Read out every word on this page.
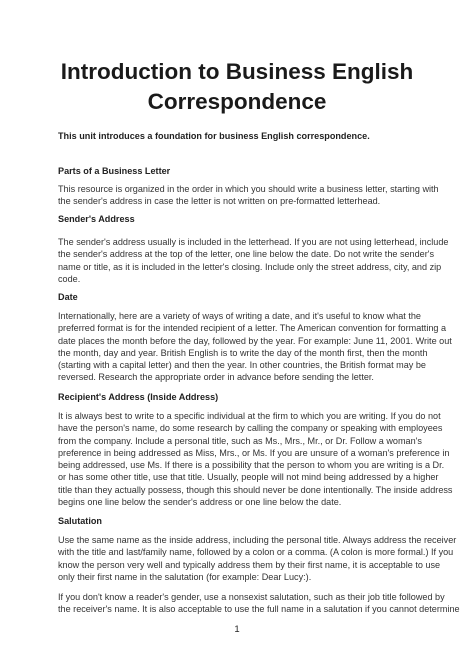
Introduction to Business English
Correspondence
This unit introduces a foundation for business English correspondence.
Parts of a Business Letter
This resource is organized in the order in which you should write a business letter, starting with
the sender's address in case the letter is not written on pre-formatted letterhead.
Sender's Address
The sender's address usually is included in the letterhead. If you are not using letterhead, include
the sender's address at the top of the letter, one line below the date. Do not write the sender's
name or title, as it is included in the letter's closing. Include only the street address, city, and zip
code.
Date
Internationally, here are a variety of ways of writing a date, and it's useful to know what the
preferred format is for the intended recipient of a letter. The American convention for formatting a
date places the month before the day, followed by the year. For example: June 11, 2001. Write out
the month, day and year. British English is to write the day of the month first, then the month
(starting with a capital letter) and then the year. In other countries, the British format may be
reversed. Research the appropriate order in advance before sending the letter.
Recipient's Address (Inside Address)
It is always best to write to a specific individual at the firm to which you are writing. If you do not
have the person's name, do some research by calling the company or speaking with employees
from the company. Include a personal title, such as Ms., Mrs., Mr., or Dr. Follow a woman's
preference in being addressed as Miss, Mrs., or Ms. If you are unsure of a woman's preference in
being addressed, use Ms. If there is a possibility that the person to whom you are writing is a Dr.
or has some other title, use that title. Usually, people will not mind being addressed by a higher
title than they actually possess, though this should never be done intentionally. The inside address
begins one line below the sender's address or one line below the date.
Salutation
Use the same name as the inside address, including the personal title. Always address the receiver
with the title and last/family name, followed by a colon or a comma. (A colon is more formal.) If you
know the person very well and typically address them by their first name, it is acceptable to use
only their first name in the salutation (for example: Dear Lucy:).
If you don't know a reader's gender, use a nonsexist salutation, such as their job title followed by
the receiver's name. It is also acceptable to use the full name in a salutation if you cannot determine
1
